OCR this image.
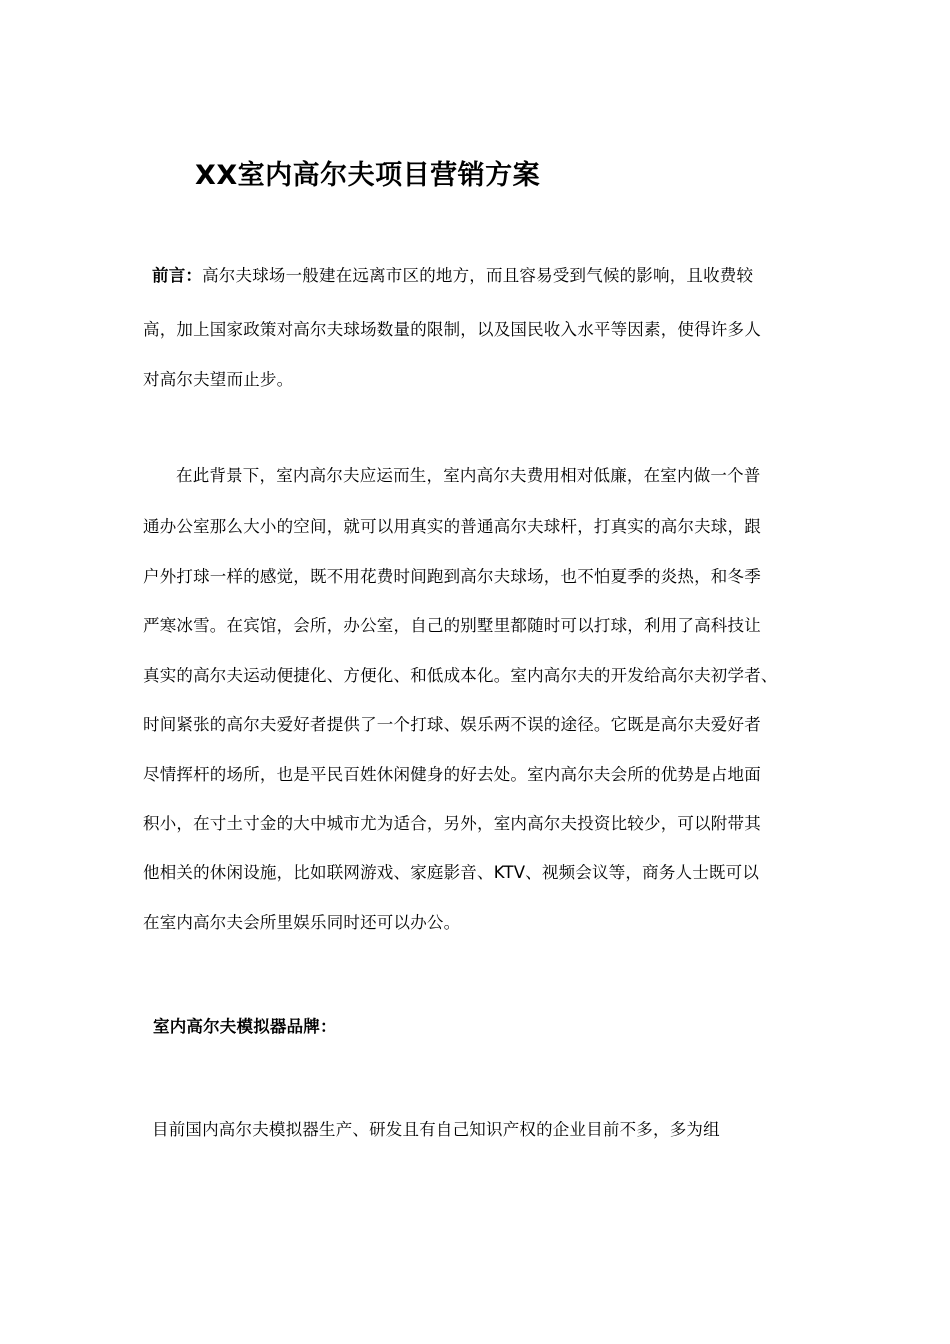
XX室内高尔夫项目营销方案
前言：高尔夫球场一般建在远离市区的地方，而且容易受到气候的影响，且收费较
高，加上国家政策对高尔夫球场数量的限制，以及国民收入水平等因素，使得许多人
对高尔夫望而止步。
在此背景下，室内高尔夫应运而生，室内高尔夫费用相对低廉，在室内做一个普
通办公室那么大小的空间，就可以用真实的普通高尔夫球杆，打真实的高尔夫球，跟
户外打球一样的感觉，既不用花费时间跑到高尔夫球场，也不怕夏季的炎热，和冬季
严寒冰雪。在宾馆，会所，办公室，自己的别墅里都随时可以打球，利用了高科技让
真实的高尔夫运动便捷化、方便化、和低成本化。室内高尔夫的开发给高尔夫初学者、
时间紧张的高尔夫爱好者提供了一个打球、娱乐两不误的途径。它既是高尔夫爱好者
尽情挥杆的场所，也是平民百姓休闲健身的好去处。室内高尔夫会所的优势是占地面
积小，在寸土寸金的大中城市尤为适合，另外，室内高尔夫投资比较少，可以附带其
他相关的休闲设施，比如联网游戏、家庭影音、KTV、视频会议等，商务人士既可以
在室内高尔夫会所里娱乐同时还可以办公。
室内高尔夫模拟器品牌：
目前国内高尔夫模拟器生产、研发且有自己知识产权的企业目前不多，多为组
